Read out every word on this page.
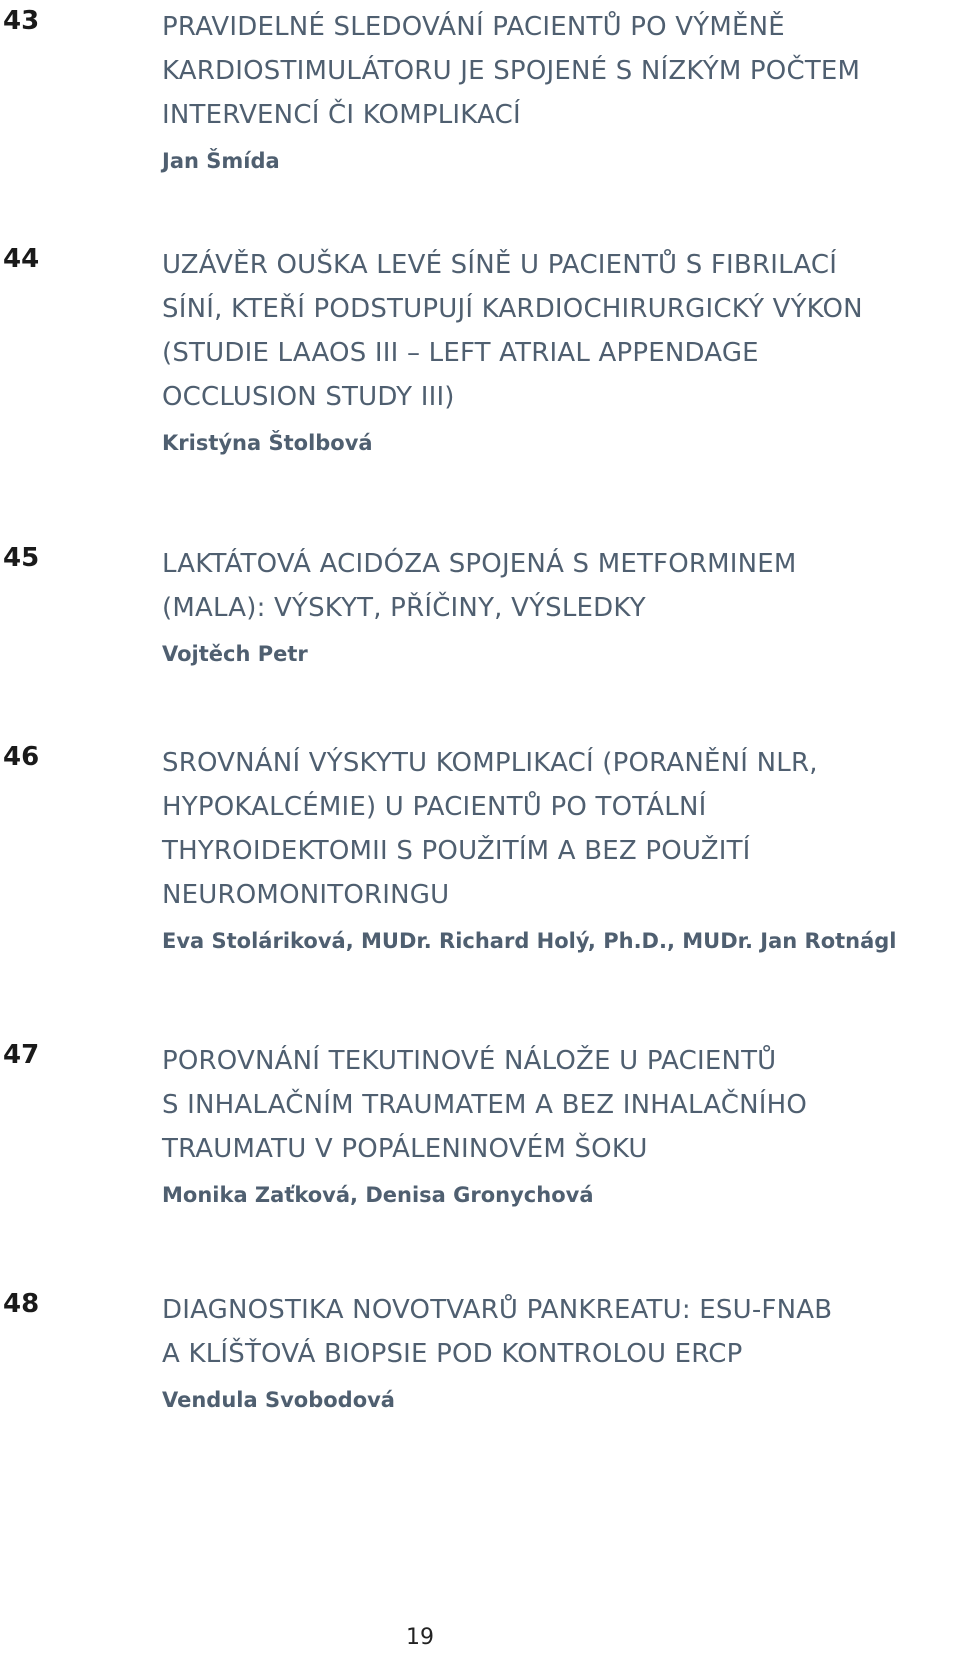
43	PRAVIDELNÉ SLEDOVÁNÍ PACIENTŮ PO VÝMĚNĚ
KARDIOSTIMULÁTORU JE SPOJENÉ S NÍZKÝM POČTEM
INTERVENCÍ ČI KOMPLIKACÍ
Jan Šmída
44	UZÁVĚR OUŠKA LEVÉ SÍNĚ U PACIENTŮ S FIBRILACÍ
SÍNÍ, KTEŘÍ PODSTUPUJÍ KARDIOCHIRURGICKÝ VÝKON
(STUDIE LAAOS III – LEFT ATRIAL APPENDAGE
OCCLUSION STUDY III)
Kristýna Štolbová
45	LAKTÁTOVÁ ACIDÓZA SPOJENÁ S METFORMINEM
(MALA): VÝSKYT, PŘÍČINY, VÝSLEDKY
Vojtěch Petr
46	SROVNÁNÍ VÝSKYTU KOMPLIKACÍ (PORANĚNÍ NLR,
HYPOKALCÉMIE) U PACIENTŮ PO TOTÁLNÍ
THYROIDEKTOMII S POUŽITÍM A BEZ POUŽITÍ
NEUROMONITORINGU
Eva Stoláriková, MUDr. Richard Holý, Ph.D., MUDr. Jan Rotnágl
47	POROVNÁNÍ TEKUTINOVÉ NÁLOŽE U PACIENTŮ
S INHALAČNÍM TRAUMATEM A BEZ INHALAČNÍHO
TRAUMATU V POPÁLENINOVÉM ŠOKU
Monika Zaťková, Denisa Gronychová
48	DIAGNOSTIKA NOVOTVARŮ PANKREATU: ESU-FNAB
A KLÍŠŤOVÁ BIOPSIE POD KONTROLOU ERCP
Vendula Svobodová
19
